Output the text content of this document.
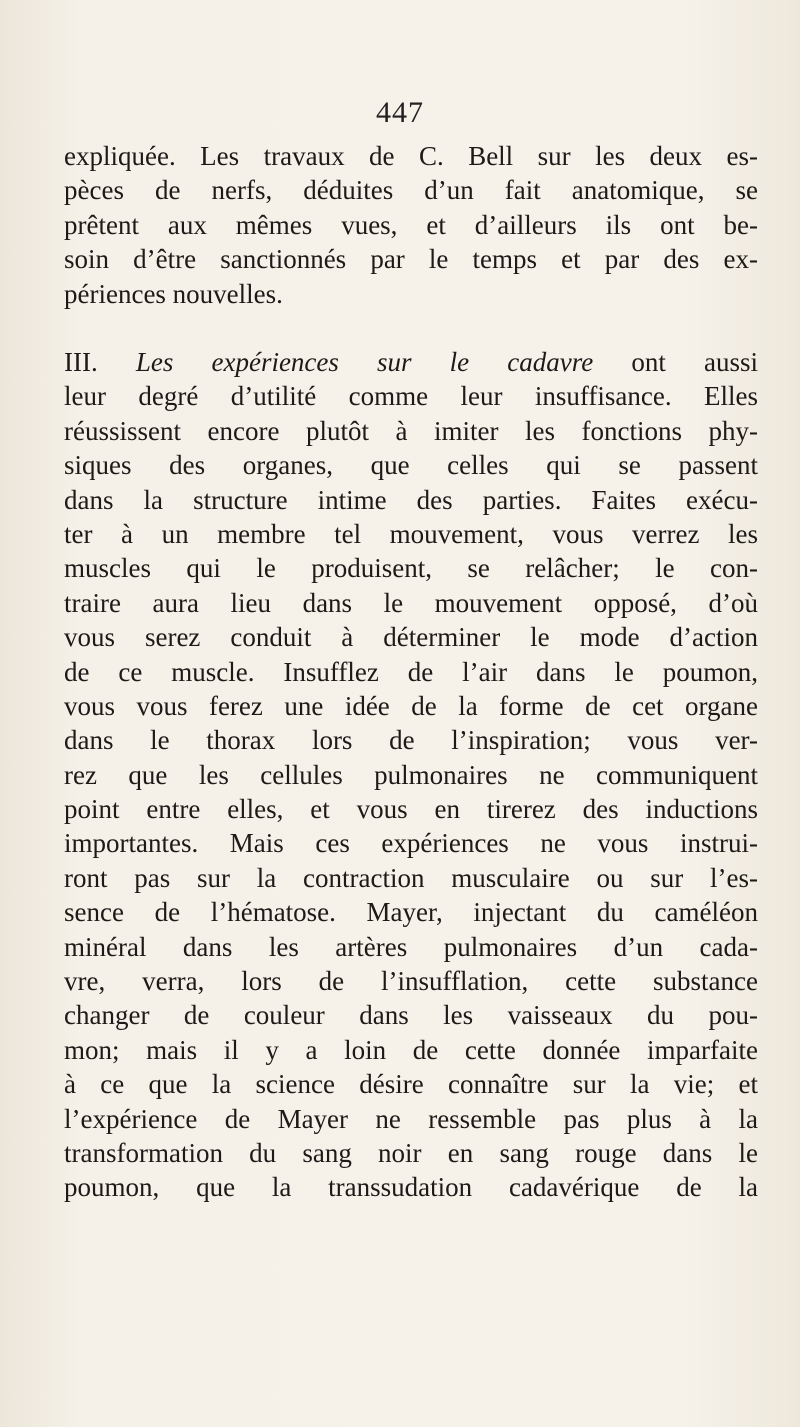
447
expliquée. Les travaux de C. Bell sur les deux es-
pèces de nerfs, déduites d’un fait anatomique, se
prêtent aux mêmes vues, et d’ailleurs ils ont be-
soin d’être sanctionnés par le temps et par des ex-
périences nouvelles.
III. Les expériences sur le cadavre ont aussi
leur degré d’utilité comme leur insuffisance. Elles
réussissent encore plutôt à imiter les fonctions phy-
siques des organes, que celles qui se passent
dans la structure intime des parties. Faites exécu-
ter à un membre tel mouvement, vous verrez les
muscles qui le produisent, se relâcher; le con-
traire aura lieu dans le mouvement opposé, d’où
vous serez conduit à déterminer le mode d’action
de ce muscle. Insufflez de l’air dans le poumon,
vous vous ferez une idée de la forme de cet organe
dans le thorax lors de l’inspiration; vous ver-
rez que les cellules pulmonaires ne communiquent
point entre elles, et vous en tirerez des inductions
importantes. Mais ces expériences ne vous instrui-
ront pas sur la contraction musculaire ou sur l’es-
sence de l’hématose. Mayer, injectant du caméléon
minéral dans les artères pulmonaires d’un cada-
vre, verra, lors de l’insufflation, cette substance
changer de couleur dans les vaisseaux du pou-
mon; mais il y a loin de cette donnée imparfaite
à ce que la science désire connaître sur la vie; et
l’expérience de Mayer ne ressemble pas plus à la
transformation du sang noir en sang rouge dans le
poumon, que la transsudation cadavérique de la
